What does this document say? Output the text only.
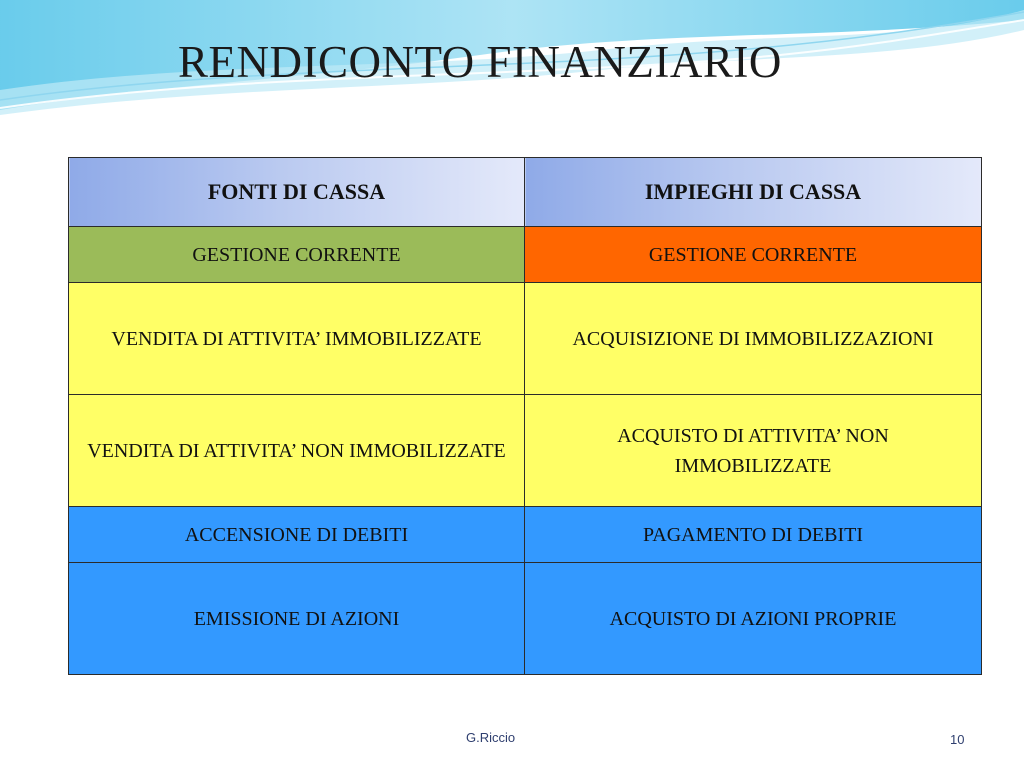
RENDICONTO FINANZIARIO
FONTI DI CASSA	IMPIEGHI DI CASSA
GESTIONE CORRENTE	GESTIONE CORRENTE
VENDITA DI ATTIVITA’ IMMOBILIZZATE	ACQUISIZIONE DI IMMOBILIZZAZIONI
VENDITA DI ATTIVITA’ NON IMMOBILIZZATE	ACQUISTO DI ATTIVITA’ NON IMMOBILIZZATE
ACCENSIONE DI DEBITI	PAGAMENTO DI DEBITI
EMISSIONE DI AZIONI	ACQUISTO DI AZIONI PROPRIE
G.Riccio	10
